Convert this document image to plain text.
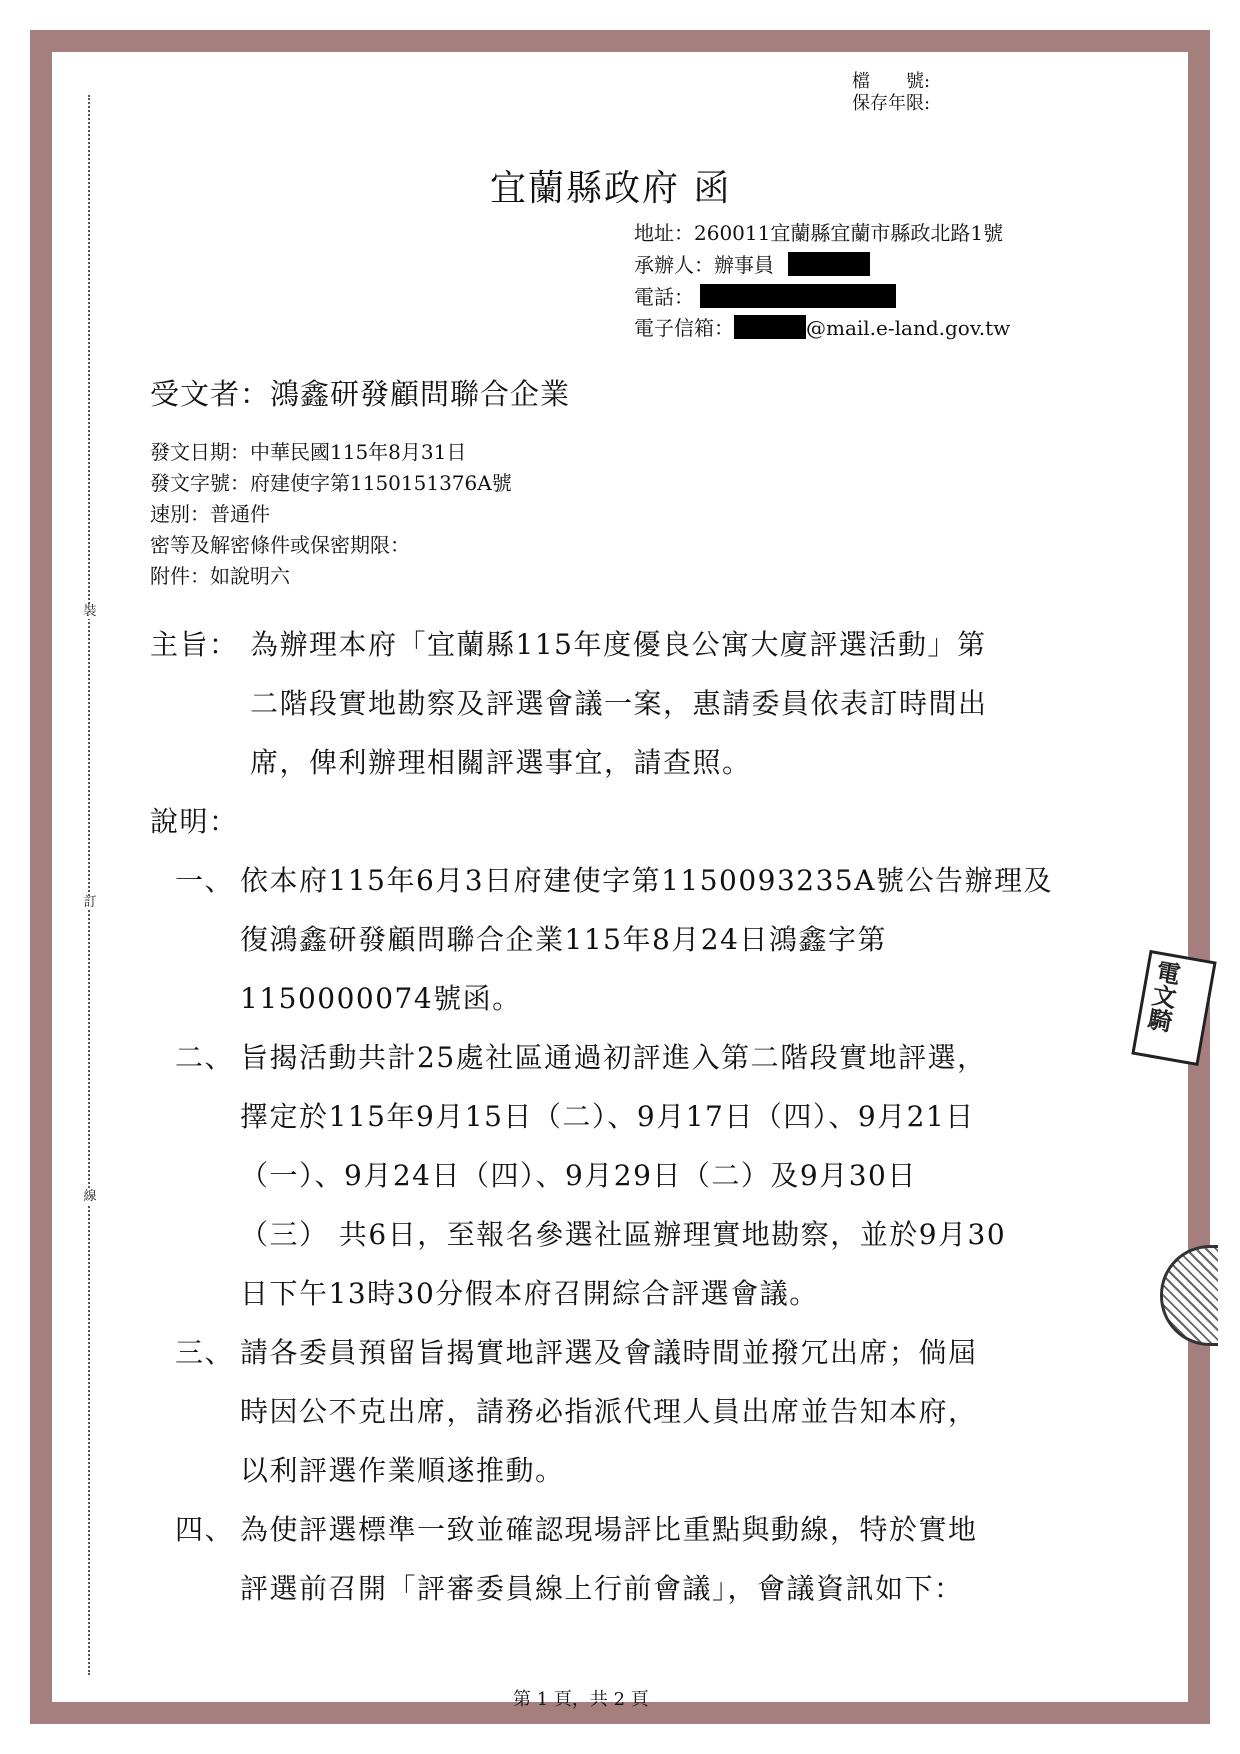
裝
訂
線
檔　　號:
保存年限:
宜蘭縣政府 函
地址：260011宜蘭縣宜蘭市縣政北路1號
承辦人：辦事員
電話：
電子信箱：	@mail.e-land.gov.tw
受文者：鴻鑫研發顧問聯合企業
發文日期：中華民國115年8月31日
發文字號：府建使字第1150151376A號
速別：普通件
密等及解密條件或保密期限：
附件：如說明六
主旨： 為辦理本府「宜蘭縣115年度優良公寓大廈評選活動」第
二階段實地勘察及評選會議一案，惠請委員依表訂時間出
席，俾利辦理相關評選事宜，請查照。
說明：
一、 依本府115年6月3日府建使字第1150093235A號公告辦理及
復鴻鑫研發顧問聯合企業115年8月24日鴻鑫字第
1150000074號函。
二、 旨揭活動共計25處社區通過初評進入第二階段實地評選，
擇定於115年9月15日（二）、9月17日（四）、9月21日
（一）、9月24日（四）、9月29日（二）及9月30日
（三） 共6日，至報名參選社區辦理實地勘察，並於9月30
日下午13時30分假本府召開綜合評選會議。
三、 請各委員預留旨揭實地評選及會議時間並撥冗出席；倘屆
時因公不克出席，請務必指派代理人員出席並告知本府，
以利評選作業順遂推動。
四、 為使評選標準一致並確認現場評比重點與動線，特於實地
評選前召開「評審委員線上行前會議」，會議資訊如下：
電文騎
第 1 頁，共 2 頁
